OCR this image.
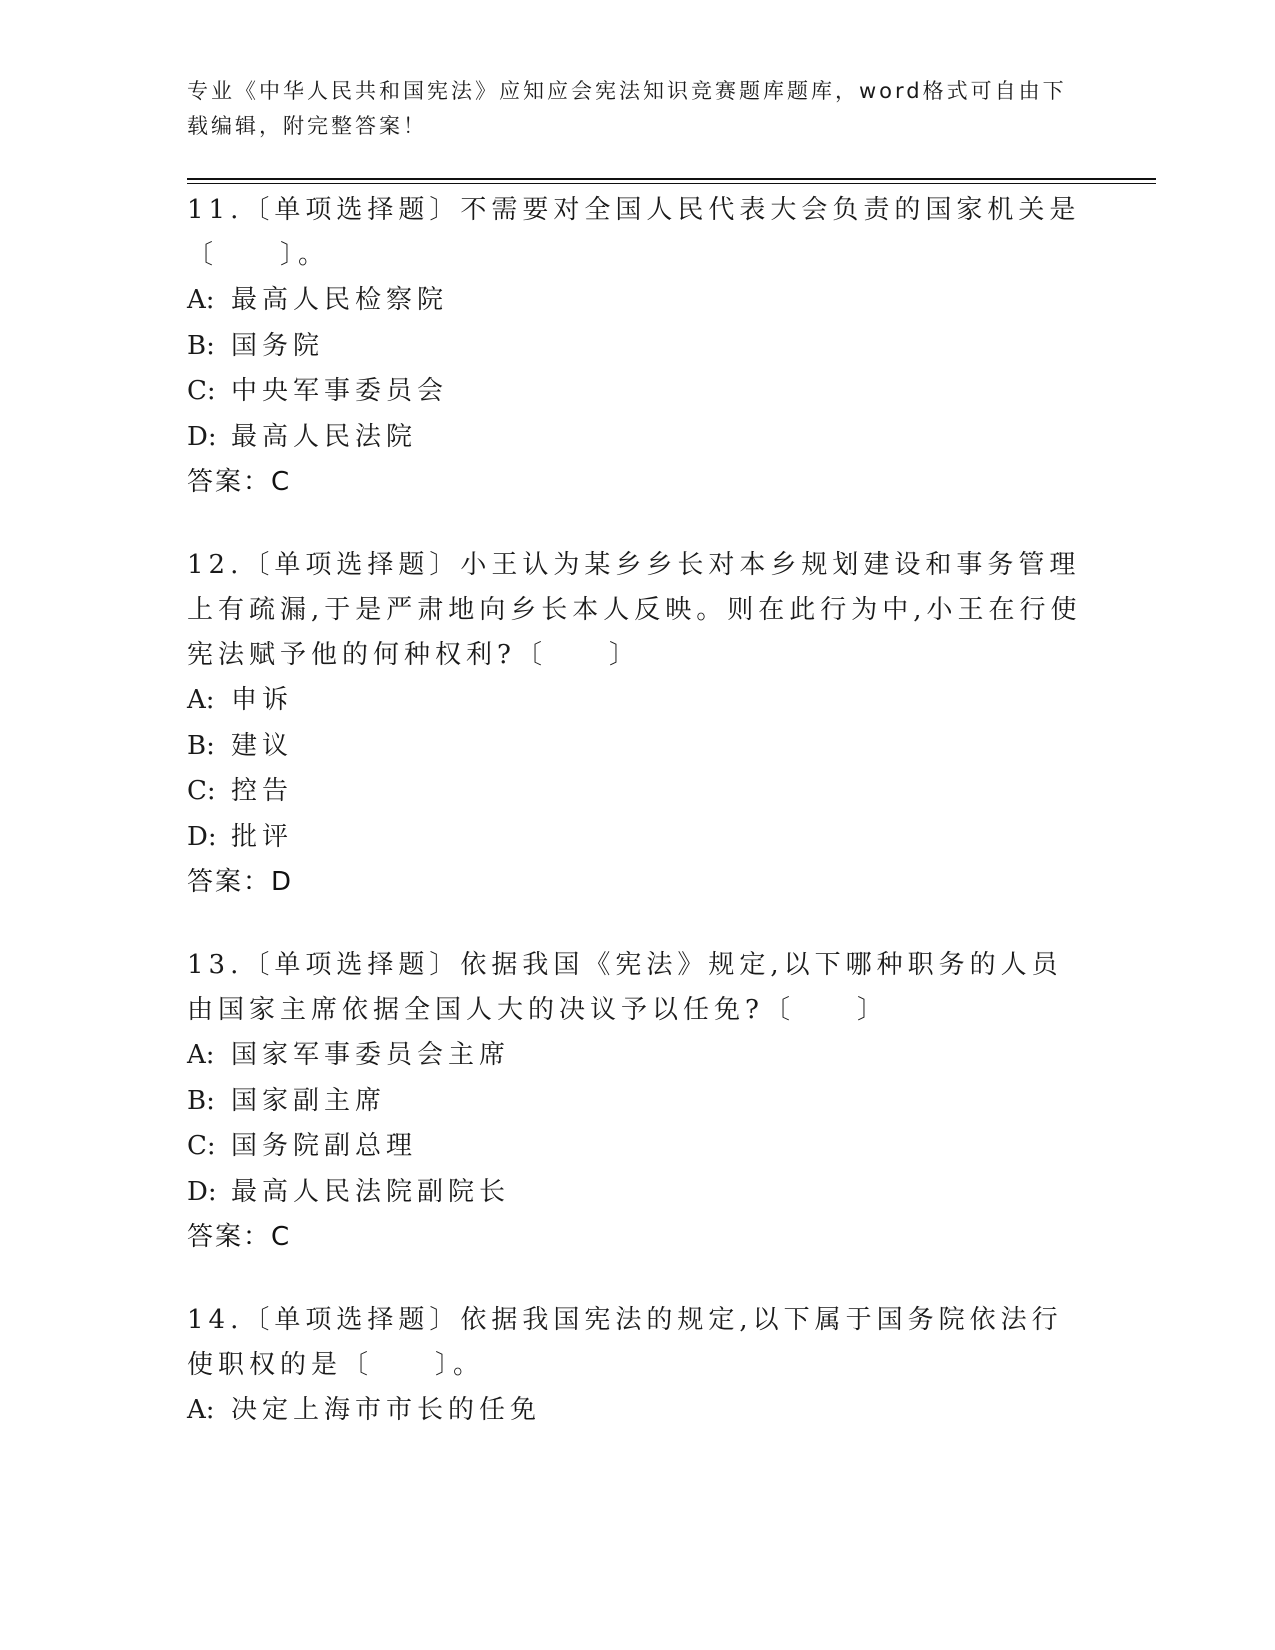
专业《中华人民共和国宪法》应知应会宪法知识竞赛题库题库，word格式可自由下载编辑，附完整答案！

11.〔单项选择题〕不需要对全国人民代表大会负责的国家机关是〔　　〕。

A: 最高人民检察院

B: 国务院

C: 中央军事委员会

D: 最高人民法院

答案：C

12.〔单项选择题〕小王认为某乡乡长对本乡规划建设和事务管理上有疏漏,于是严肃地向乡长本人反映。则在此行为中,小王在行使宪法赋予他的何种权利?〔　　〕

A: 申诉

B: 建议

C: 控告

D: 批评

答案：D

13.〔单项选择题〕依据我国《宪法》规定,以下哪种职务的人员由国家主席依据全国人大的决议予以任免?〔　　〕

A: 国家军事委员会主席

B: 国家副主席

C: 国务院副总理

D: 最高人民法院副院长

答案：C

14.〔单项选择题〕依据我国宪法的规定,以下属于国务院依法行使职权的是〔　　〕。

A: 决定上海市市长的任免
